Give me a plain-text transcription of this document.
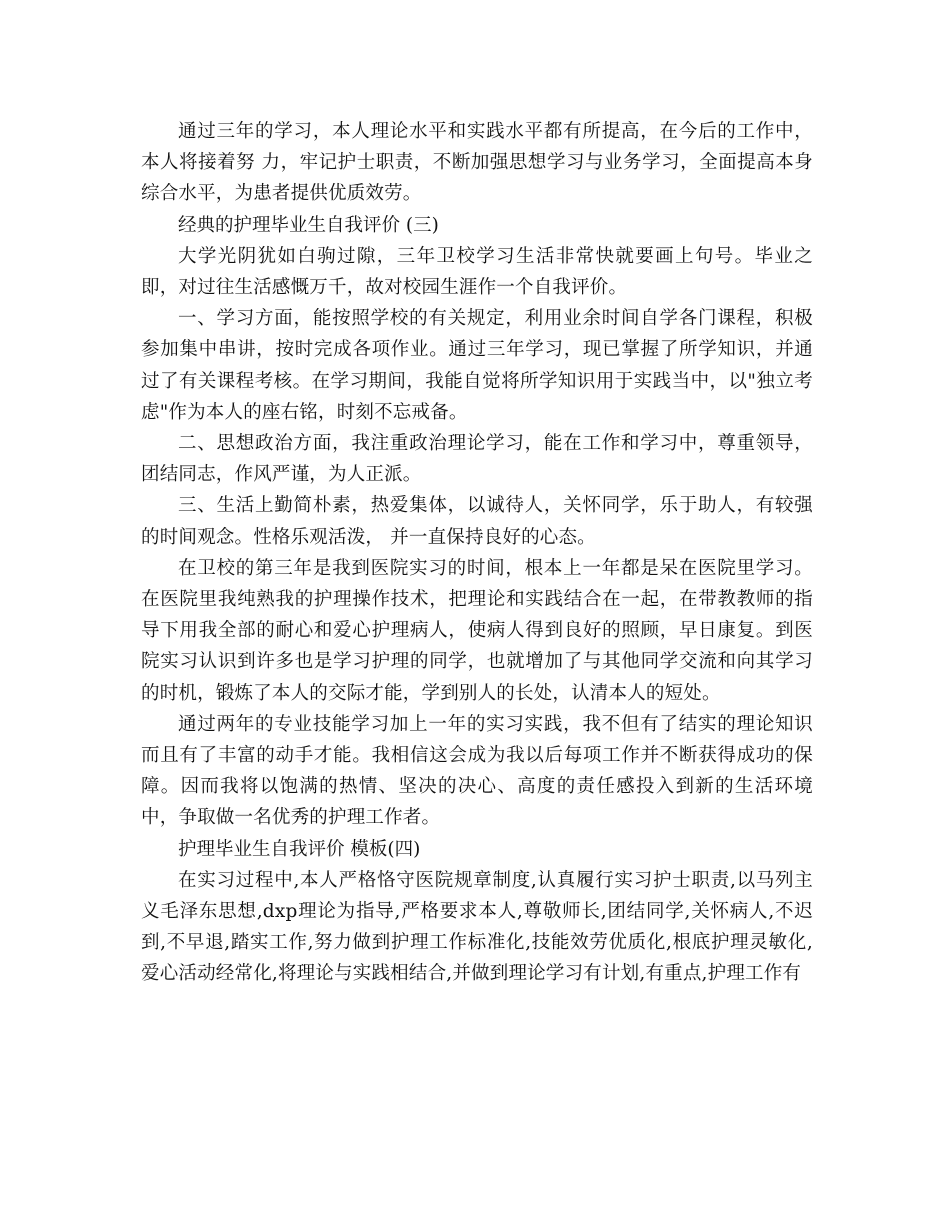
通过三年的学习，本人理论水平和实践水平都有所提高，在今后的工作中，本人将接着努 力，牢记护士职责，不断加强思想学习与业务学习，全面提高本身综合水平，为患者提供优质效劳。

经典的护理毕业生自我评价 (三)

大学光阴犹如白驹过隙，三年卫校学习生活非常快就要画上句号。毕业之即，对过往生活感慨万千，故对校园生涯作一个自我评价。

一、学习方面，能按照学校的有关规定，利用业余时间自学各门课程，积极参加集中串讲，按时完成各项作业。通过三年学习，现已掌握了所学知识，并通过了有关课程考核。在学习期间，我能自觉将所学知识用于实践当中，以"独立考虑"作为本人的座右铭，时刻不忘戒备。

二、思想政治方面，我注重政治理论学习，能在工作和学习中，尊重领导，团结同志，作风严谨，为人正派。

三、生活上勤简朴素，热爱集体，以诚待人，关怀同学，乐于助人，有较强的时间观念。性格乐观活泼， 并一直保持良好的心态。

在卫校的第三年是我到医院实习的时间，根本上一年都是呆在医院里学习。在医院里我纯熟我的护理操作技术，把理论和实践结合在一起，在带教教师的指导下用我全部的耐心和爱心护理病人，使病人得到良好的照顾，早日康复。到医院实习认识到许多也是学习护理的同学，也就增加了与其他同学交流和向其学习的时机，锻炼了本人的交际才能，学到别人的长处，认清本人的短处。

通过两年的专业技能学习加上一年的实习实践，我不但有了结实的理论知识而且有了丰富的动手才能。我相信这会成为我以后每项工作并不断获得成功的保障。因而我将以饱满的热情、坚决的决心、高度的责任感投入到新的生活环境中，争取做一名优秀的护理工作者。

护理毕业生自我评价 模板(四)

在实习过程中,本人严格恪守医院规章制度,认真履行实习护士职责,以马列主义毛泽东思想,dxp理论为指导,严格要求本人,尊敬师长,团结同学,关怀病人,不迟到,不早退,踏实工作,努力做到护理工作标准化,技能效劳优质化,根底护理灵敏化,爱心活动经常化,将理论与实践相结合,并做到理论学习有计划,有重点,护理工作有
